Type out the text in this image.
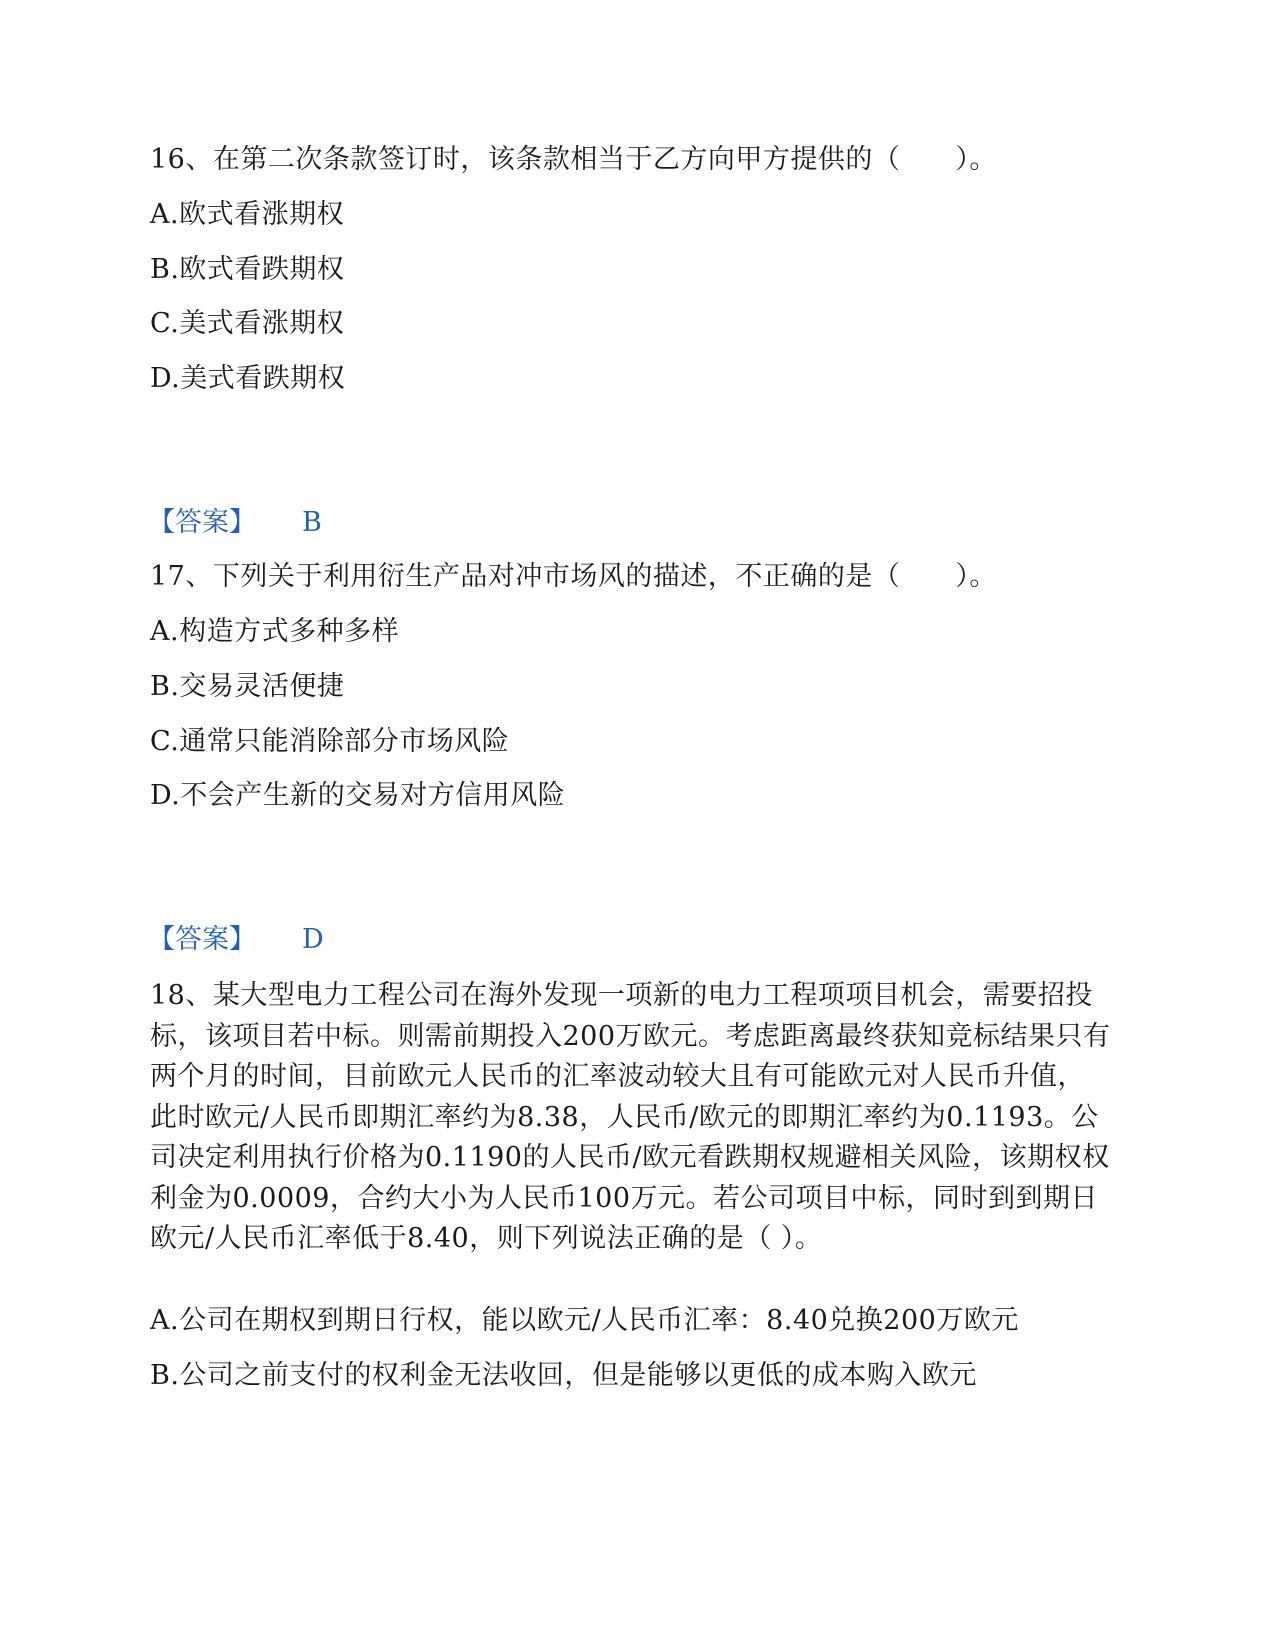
16、在第二次条款签订时，该条款相当于乙方向甲方提供的（　　）。
A.欧式看涨期权
B.欧式看跌期权
C.美式看涨期权
D.美式看跌期权
【答案】 B
17、下列关于利用衍生产品对冲市场风的描述，不正确的是（　　）。
A.构造方式多种多样
B.交易灵活便捷
C.通常只能消除部分市场风险
D.不会产生新的交易对方信用风险
【答案】 D
18、某大型电力工程公司在海外发现一项新的电力工程项项目机会，需要招投标，该项目若中标。则需前期投入200万欧元。考虑距离最终获知竞标结果只有两个月的时间，目前欧元人民币的汇率波动较大且有可能欧元对人民币升值，此时欧元/人民币即期汇率约为8.38，人民币/欧元的即期汇率约为0.1193。公司决定利用执行价格为0.1190的人民币/欧元看跌期权规避相关风险，该期权权利金为0.0009，合约大小为人民币100万元。若公司项目中标，同时到到期日欧元/人民币汇率低于8.40，则下列说法正确的是（ ）。
A.公司在期权到期日行权，能以欧元/人民币汇率：8.40兑换200万欧元
B.公司之前支付的权利金无法收回，但是能够以更低的成本购入欧元
